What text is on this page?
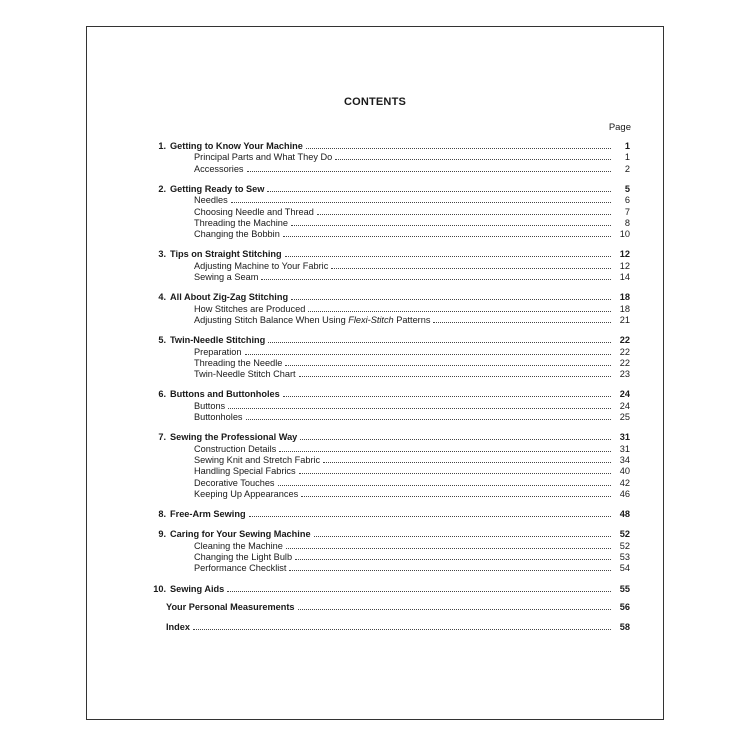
CONTENTS
Page
1. Getting to Know Your Machine	1
Principal Parts and What They Do	1
Accessories	2
2. Getting Ready to Sew	5
Needles	6
Choosing Needle and Thread	7
Threading the Machine	8
Changing the Bobbin	10
3. Tips on Straight Stitching	12
Adjusting Machine to Your Fabric	12
Sewing a Seam	14
4. All About Zig-Zag Stitching	18
How Stitches are Produced	18
Adjusting Stitch Balance When Using Flexi-Stitch Patterns	21
5. Twin-Needle Stitching	22
Preparation	22
Threading the Needle	22
Twin-Needle Stitch Chart	23
6. Buttons and Buttonholes	24
Buttons	24
Buttonholes	25
7. Sewing the Professional Way	31
Construction Details	31
Sewing Knit and Stretch Fabric	34
Handling Special Fabrics	40
Decorative Touches	42
Keeping Up Appearances	46
8. Free-Arm Sewing	48
9. Caring for Your Sewing Machine	52
Cleaning the Machine	52
Changing the Light Bulb	53
Performance Checklist	54
10. Sewing Aids	55
Your Personal Measurements	56
Index	58
